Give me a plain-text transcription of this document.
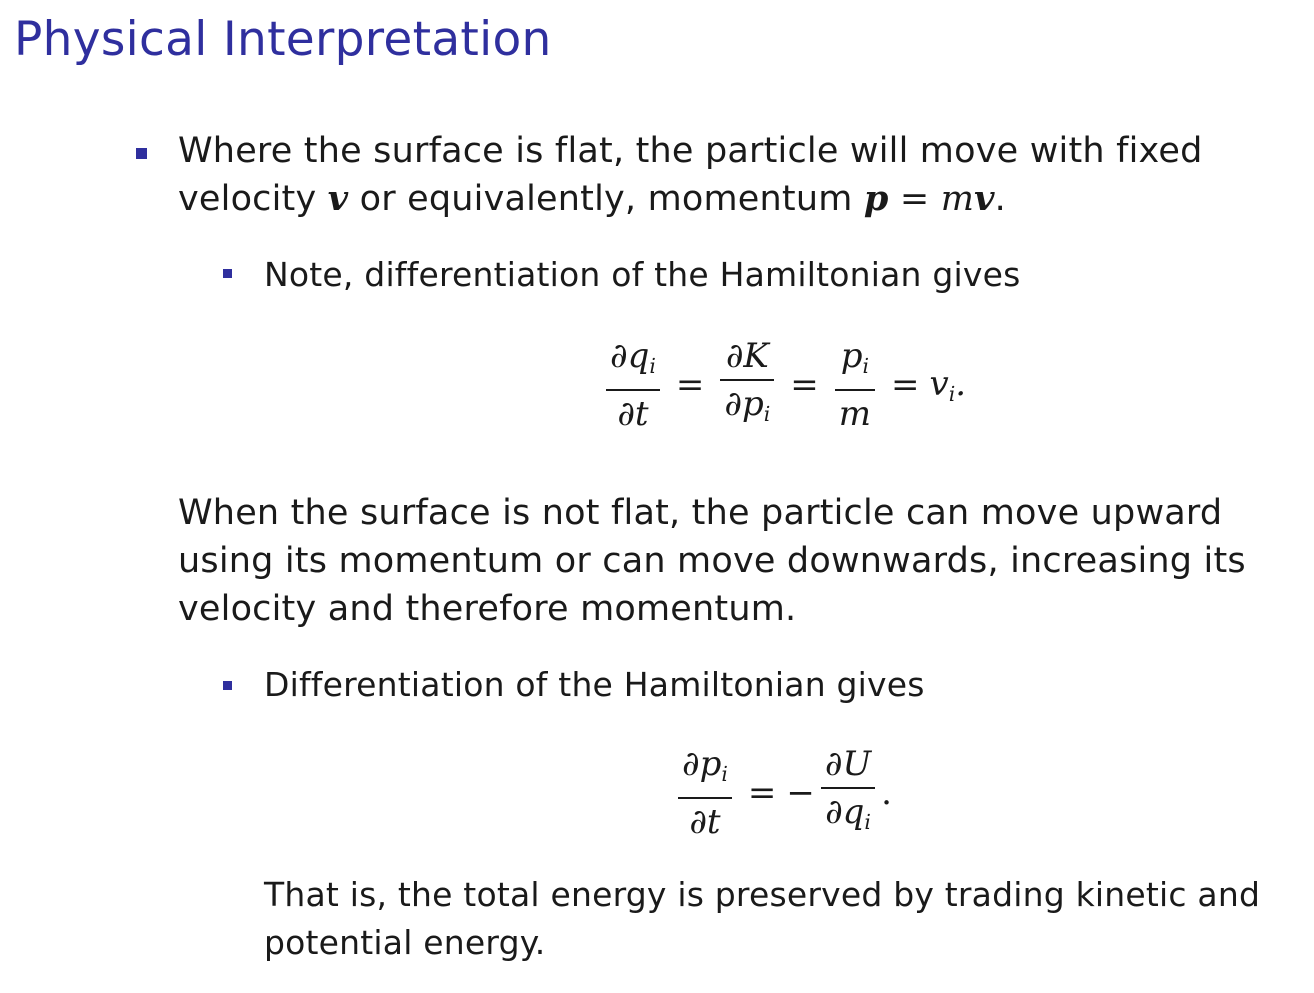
Physical Interpretation
Where the surface is flat, the particle will move with fixed
velocity v or equivalently, momentum p = mv.
Note, differentiation of the Hamiltonian gives
$\frac{\partial q_i}{\partial t} = \frac{\partial K}{\partial p_i} = \frac{p_i}{m} = v_i$.
When the surface is not flat, the particle can move upward
using its momentum or can move downwards, increasing its
velocity and therefore momentum.
Differentiation of the Hamiltonian gives
$\frac{\partial p_i}{\partial t}$ = − $\frac{\partial U}{\partial q_i}$ .
That is, the total energy is preserved by trading kinetic and
potential energy.
